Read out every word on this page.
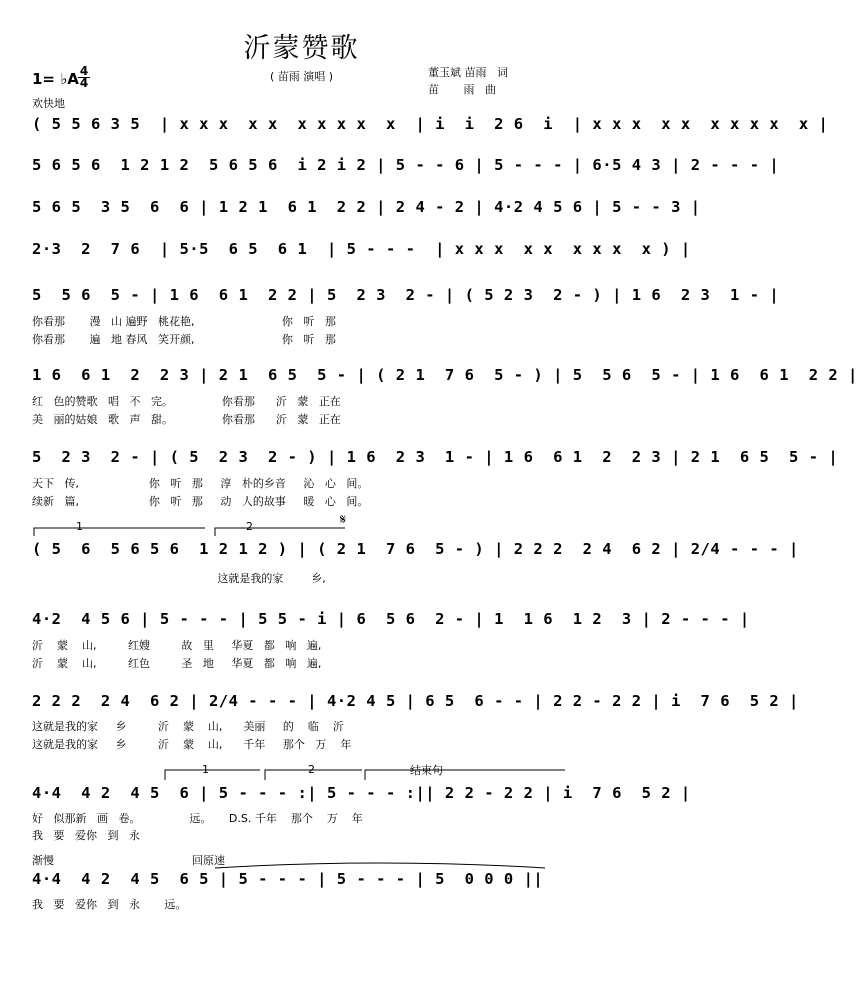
沂蒙赞歌
( 苗雨 演唱 )	董玉斌 苗雨   词
苗       雨   曲
1= ♭A 4
4
欢快地
( 5 5 6 3 5  | x x x  x x  x x x x  x  | i  i  2 6  i  | x x x  x x  x x x x  x |
5 6 5 6  1 2 1 2  5 6 5 6  i 2 i 2 | 5 - - 6 | 5 - - - | 6·5 4 3 | 2 - - - |
5 6 5  3 5  6  6 | 1 2 1  6 1  2 2 | 2 4 - 2 | 4·2 4 5 6 | 5 - - 3 |
2·3  2  7 6  | 5·5  6 5  6 1  | 5 - - -  | x x x  x x  x x x  x ) |
5  5 6  5 - | 1 6  6 1  2 2 | 5  2 3  2 - | ( 5 2 3  2 - ) | 1 6  2 3  1 - |
你看那       漫   山 遍野   桃花艳,                         你   听   那
你看那       遍   地 春风   笑开颜,                         你   听   那
1 6  6 1  2  2 3 | 2 1  6 5  5 - | ( 2 1  7 6  5 - ) | 5  5 6  5 - | 1 6  6 1  2 2 |
红   色的赞歌   唱   不   完。              你看那      沂   蒙   正在
美   丽的姑娘   歌   声   甜。              你看那      沂   蒙   正在
5  2 3  2 - | ( 5  2 3  2 - ) | 1 6  2 3  1 - | 1 6  6 1  2  2 3 | 2 1  6 5  5 - |
天下   传,                    你   听   那     淳   朴的乡音     沁   心   间。
续新   篇,                    你   听   那     动   人的故事     暖   心   间。
1	2	𝄋
( 5  6  5 6 5 6  1 2 1 2 ) | ( 2 1  7 6  5 - ) | 2 2 2  2 4  6 2 | 2/4 - - - |
这就是我的家        乡,
4·2  4 5 6 | 5 - - - | 5 5 - i | 6  5 6  2 - | 1  1 6  1 2  3 | 2 - - - |
沂    蒙    山,         红嫂         故   里     华夏   都   响   遍,
沂    蒙    山,         红色         圣   地     华夏   都   响   遍,
2 2 2  2 4  6 2 | 2/4 - - - | 4·2 4 5 | 6 5  6 - - | 2 2 - 2 2 | i  7 6  5 2 |
这就是我的家     乡         沂    蒙    山,      美丽     的    临    沂
这就是我的家     乡         沂    蒙    山,      千年     那个   万    年
1	2	结束句
4·4  4 2  4 5  6 | 5 - - - :| 5 - - - :|| 2 2 - 2 2 | i  7 6  5 2 |
好   似那新   画   卷。              远。     D.S. 千年    那个    万    年
我   要   爱你   到   永
渐慢	回原速
4·4  4 2  4 5  6 5 | 5 - - - | 5 - - - | 5  0 0 0 ||
我   要   爱你   到   永       远。
